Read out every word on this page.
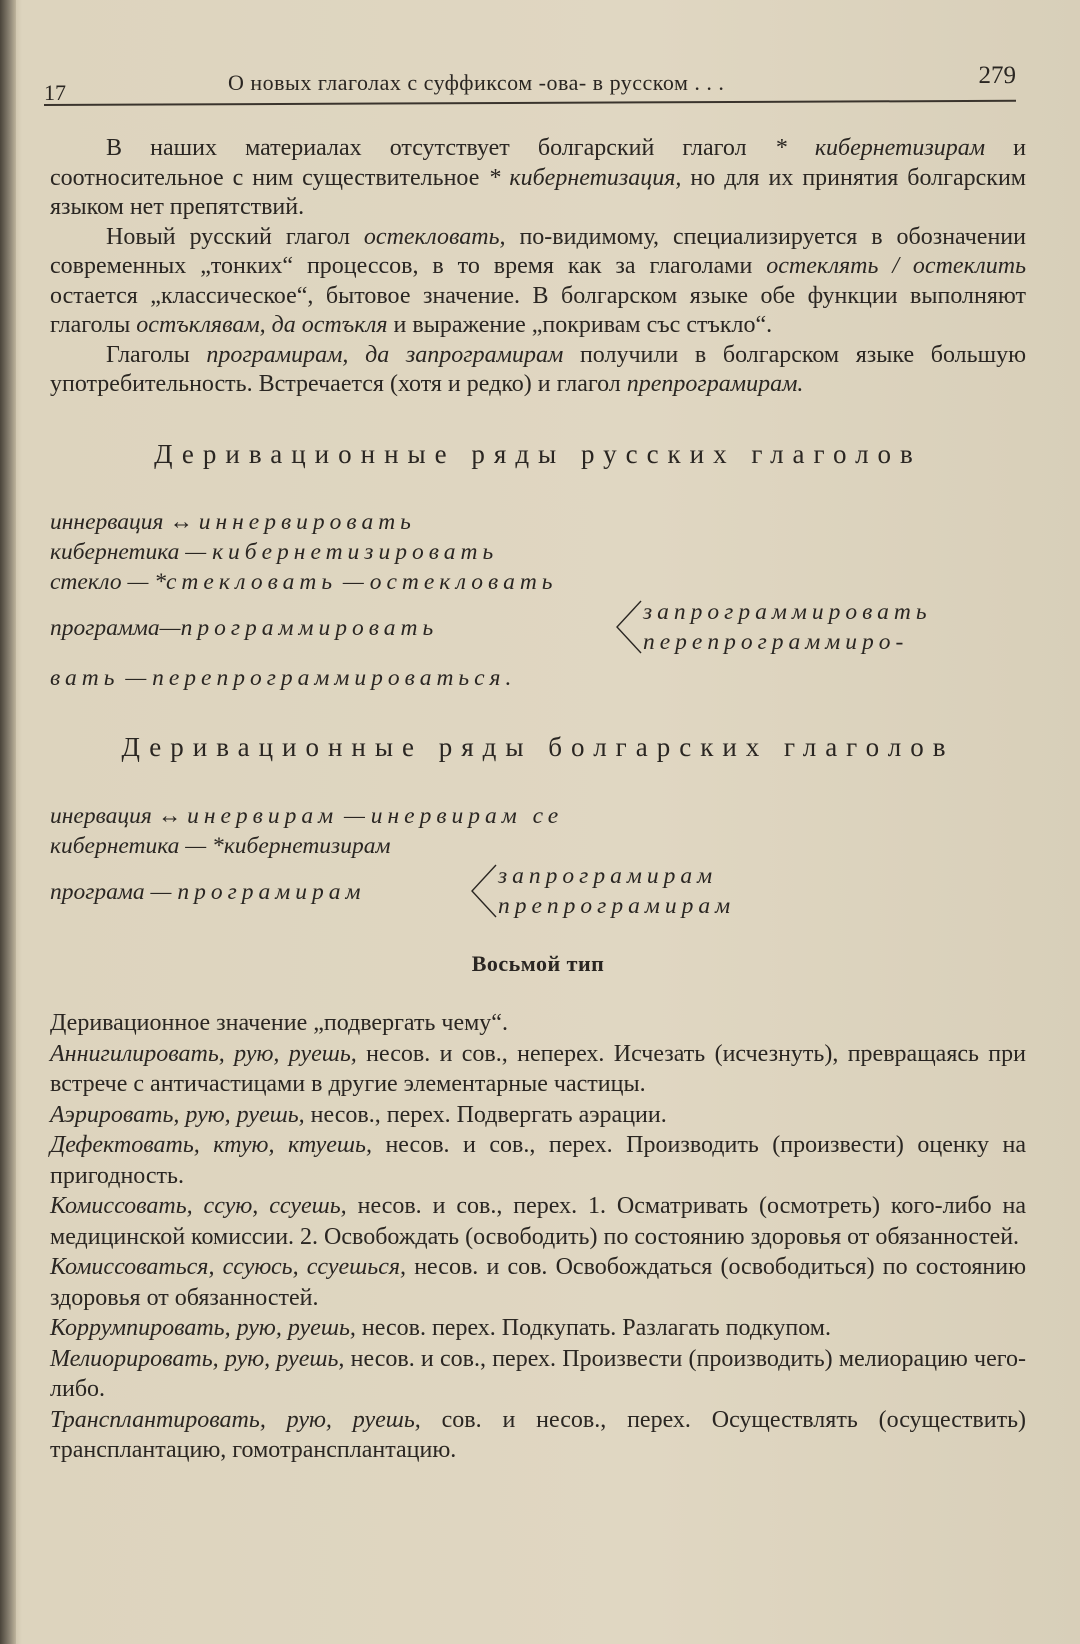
17	О новых глаголах с суффиксом -ова- в русском . . .	279

В наших материалах отсутствует болгарский глагол * кибернетизирам и соотносительное с ним существительное * кибернетизация, но для их принятия болгарским языком нет препятствий.

Новый русский глагол остекловать, по-видимому, специализируется в обозначении современных „тонких“ процессов, в то время как за глаголами остеклять / остеклить остается „классическое“, бытовое значение. В болгарском языке обе функции выполняют глаголы остъклявам, да остъкля и выражение „покривам със стъкло“.

Глаголы програмирам, да запрограмирам получили в болгарском языке большую употребительность. Встречается (хотя и редко) и глагол препрограмирам.

Деривационные ряды русских глаголов
иннервация ↔ иннервировать
кибернетика — кибернетизировать
стекло — *стекловать — остекловать
программа—программировать
запрограммировать
перепрограммиро-
вать — перепрограммироваться.
Деривационные ряды болгарских глаголов
инервация ↔ инервирам — инервирам се
кибернетика — *кибернетизирам
програма — програмирам
запрограмирам
препрограмирам
Восьмой тип

Деривационное значение „подвергать чему“.

Аннигилировать, рую, руешь, несов. и сов., неперех. Исчезать (исчезнуть), превращаясь при встрече с античастицами в другие элементарные частицы.

Аэрировать, рую, руешь, несов., перех. Подвергать аэрации.

Дефектовать, ктую, ктуешь, несов. и сов., перех. Производить (произвести) оценку на пригодность.

Комиссовать, ссую, ссуешь, несов. и сов., перех. 1. Осматривать (осмотреть) кого-либо на медицинской комиссии. 2. Освобождать (освободить) по состоянию здоровья от обязанностей.

Комиссоваться, ссуюсь, ссуешься, несов. и сов. Освобождаться (освободиться) по состоянию здоровья от обязанностей.

Коррумпировать, рую, руешь, несов. перех. Подкупать. Разлагать подкупом.

Мелиорировать, рую, руешь, несов. и сов., перех. Произвести (производить) мелиорацию чего-либо.

Трансплантировать, рую, руешь, сов. и несов., перех. Осуществлять (осуществить) трансплантацию, гомотрансплантацию.
